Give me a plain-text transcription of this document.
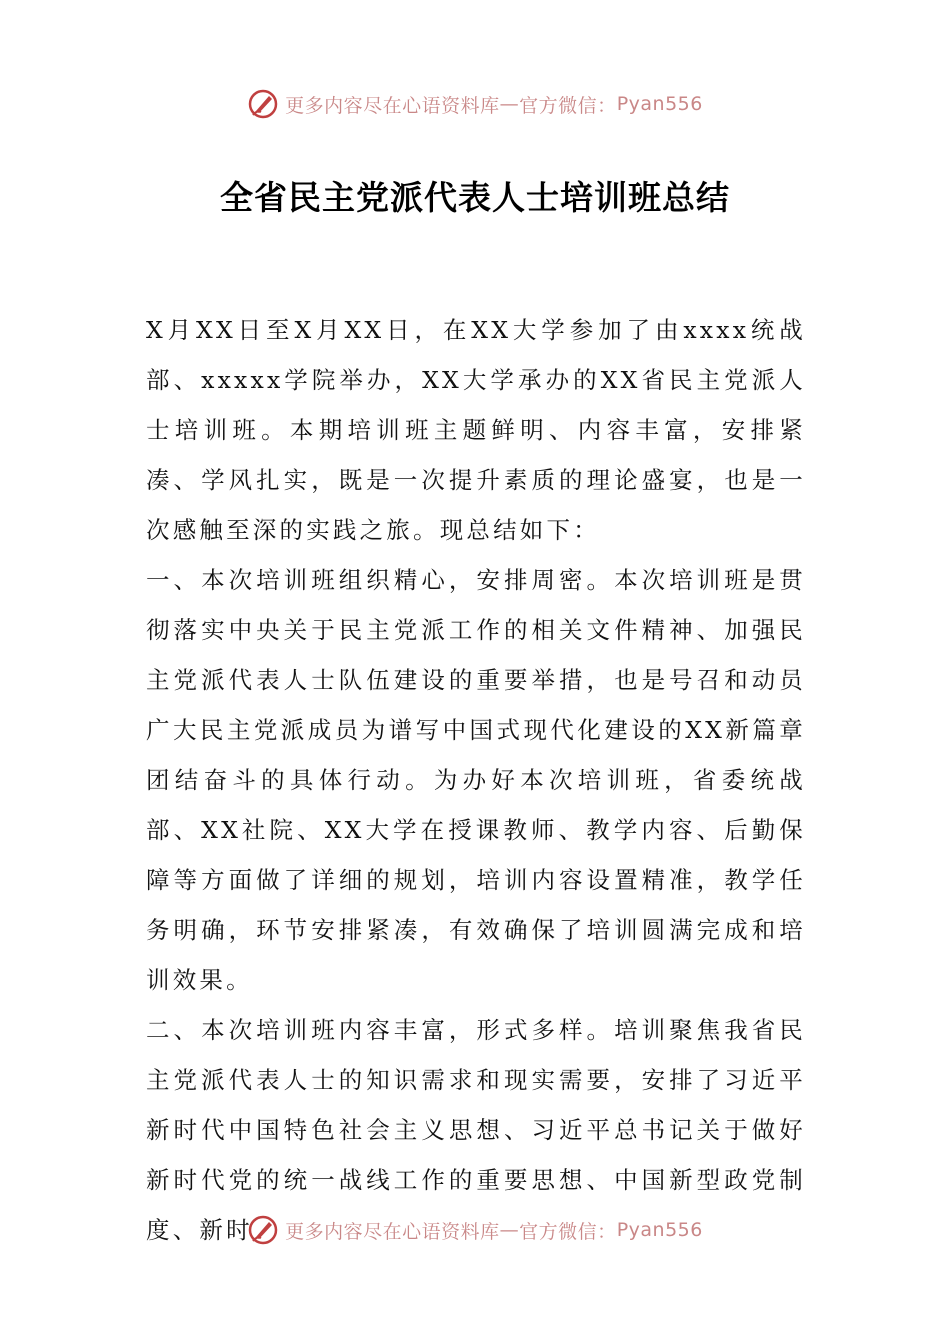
更多内容尽在心语资料库 — 官方微信： Pyan556
全省民主党派代表人士培训班总结

X月XX日至X月XX日，在XX大学参加了由xxxx统战部、xxxxx学院举办，XX大学承办的XX省民主党派人士培训班。本期培训班主题鲜明、内容丰富，安排紧凑、学风扎实，既是一次提升素质的理论盛宴，也是一次感触至深的实践之旅。现总结如下：

一、本次培训班组织精心，安排周密。本次培训班是贯彻落实中央关于民主党派工作的相关文件精神、加强民主党派代表人士队伍建设的重要举措，也是号召和动员广大民主党派成员为谱写中国式现代化建设的XX新篇章团结奋斗的具体行动。为办好本次培训班，省委统战部、XX社院、XX大学在授课教师、教学内容、后勤保障等方面做了详细的规划，培训内容设置精准，教学任务明确，环节安排紧凑，有效确保了培训圆满完成和培训效果。

二、本次培训班内容丰富，形式多样。培训聚焦我省民主党派代表人士的知识需求和现实需要，安排了习近平新时代中国特色社会主义思想、习近平总书记关于做好新时代党的统一战线工作的重要思想、中国新型政党制度、新时	更多内容尽在心语资料库 — 官方微信： Pyan556
